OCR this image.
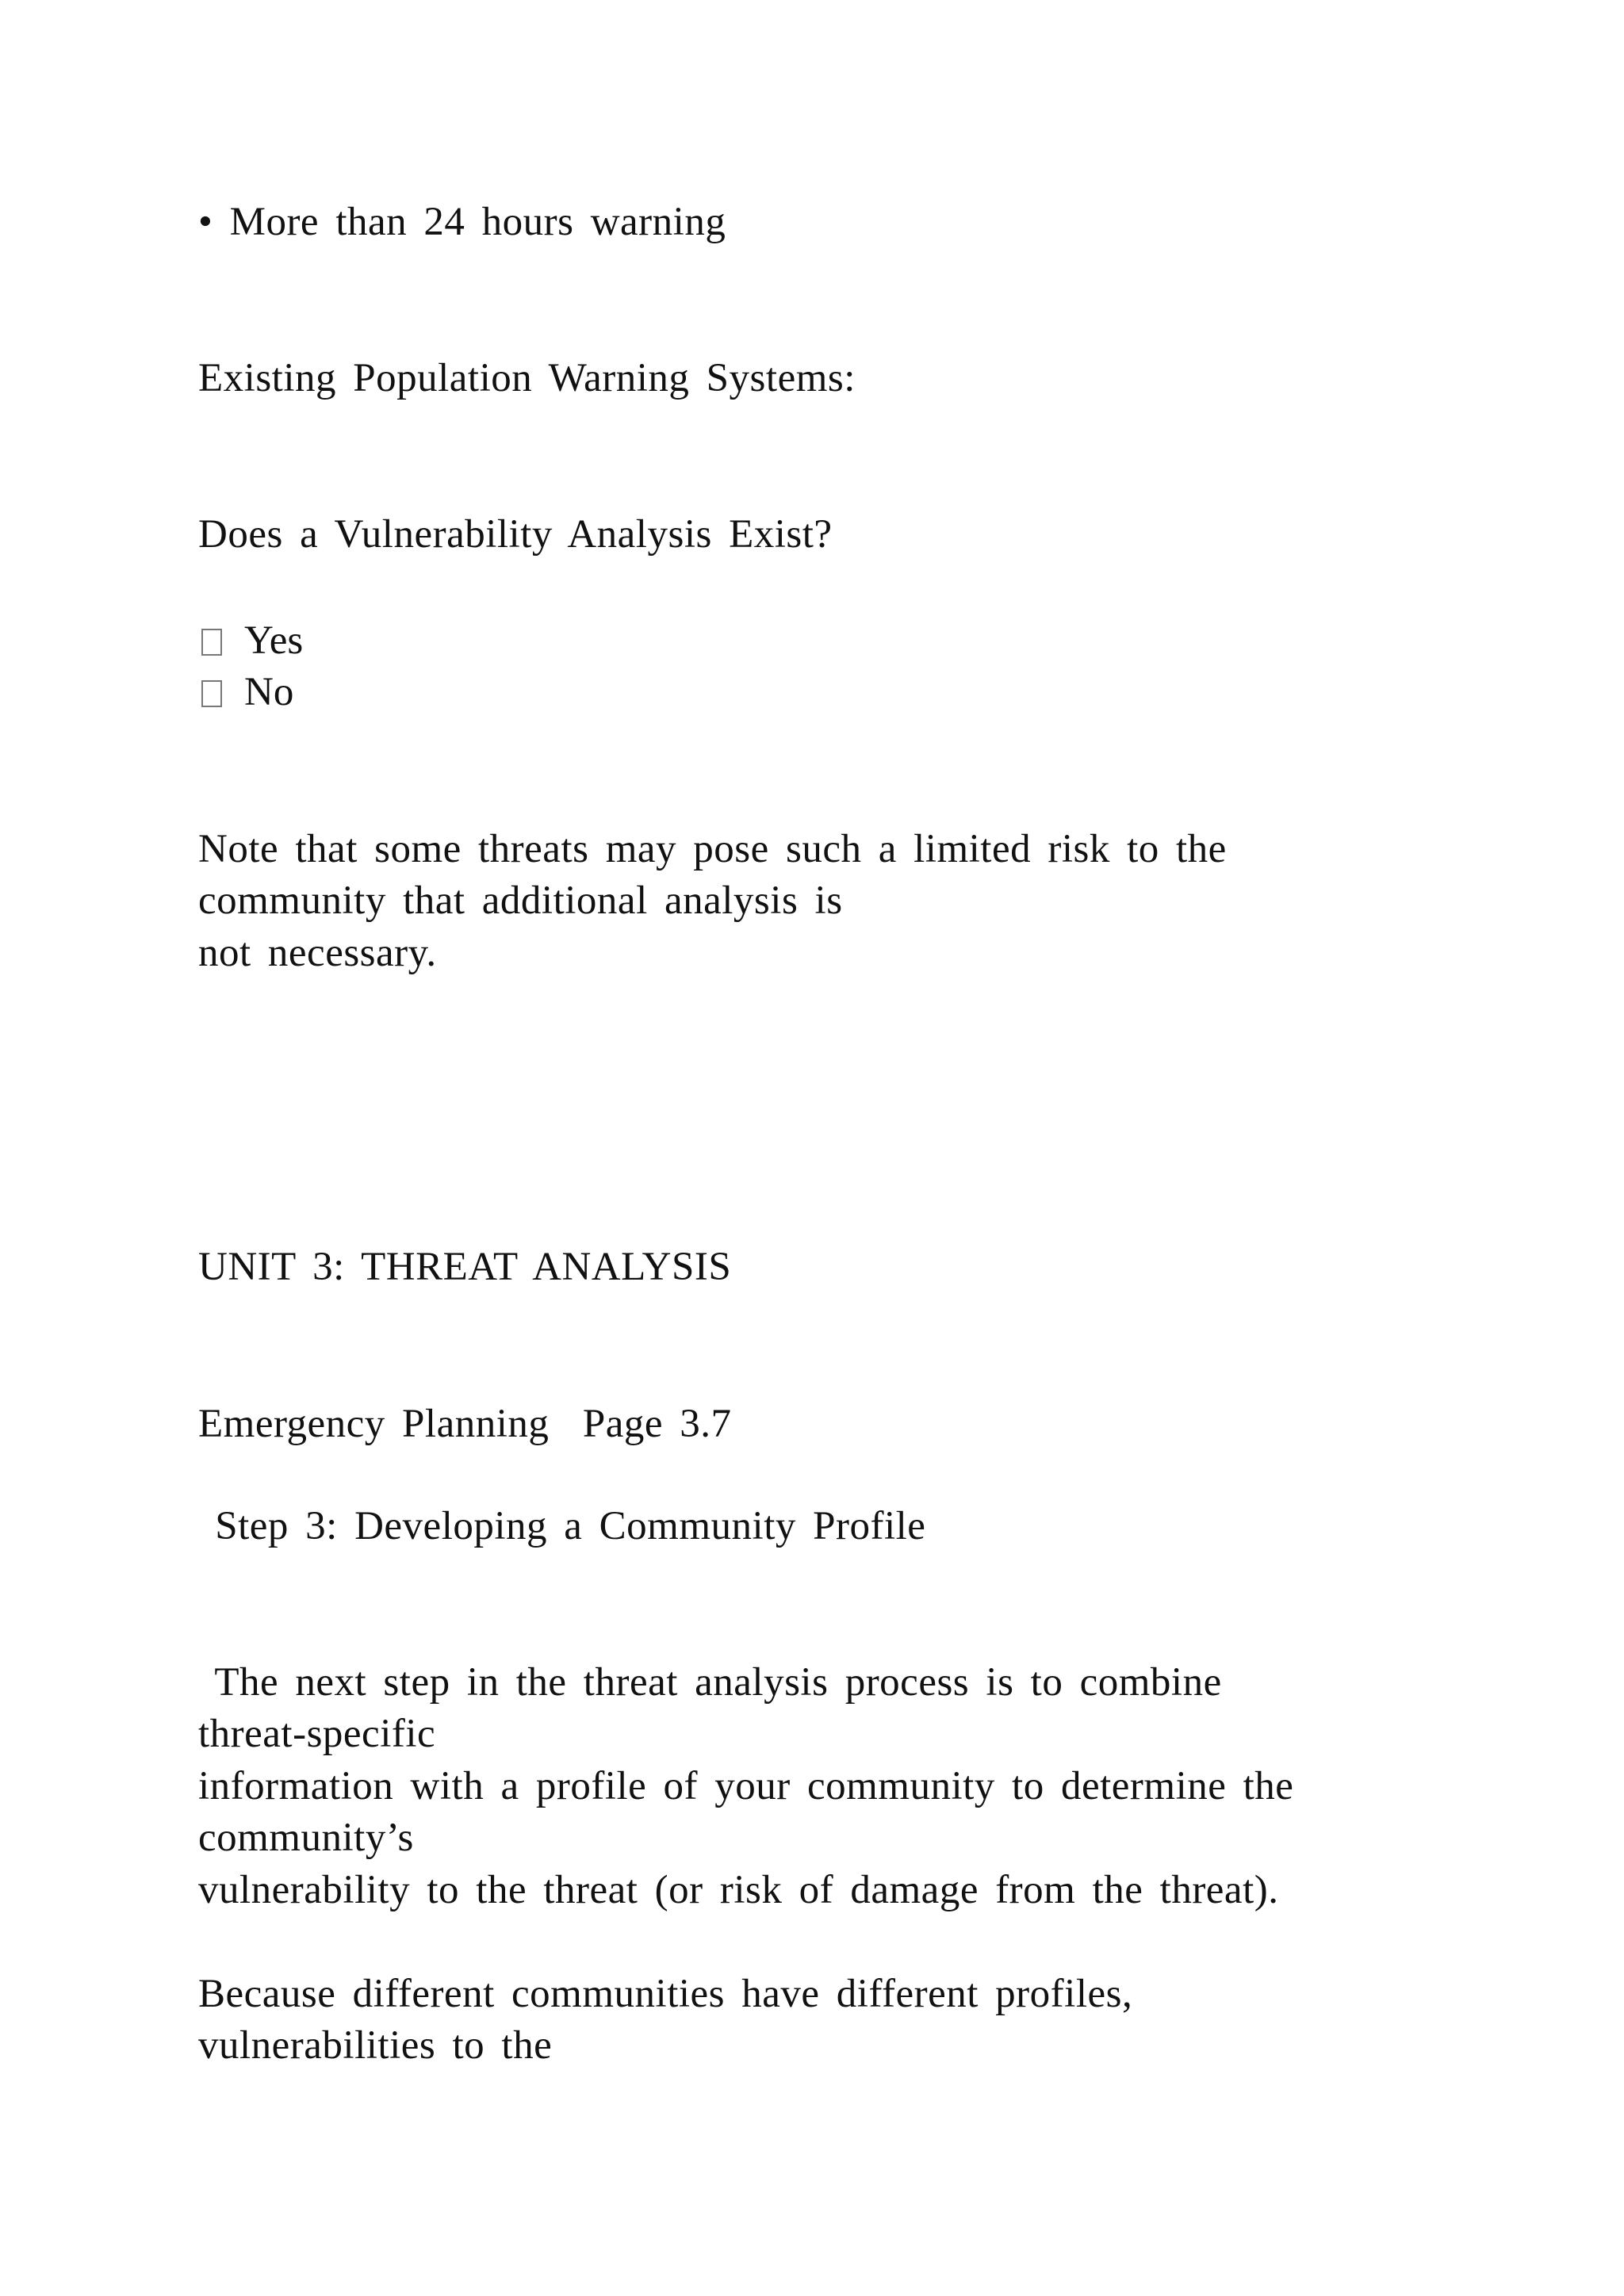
• More than 24 hours warning
Existing Population Warning Systems:
Does a Vulnerability Analysis Exist?
Yes
No
Note that some threats may pose such a limited risk to the
community that additional analysis is
not necessary.
UNIT 3: THREAT ANALYSIS
Emergency Planning  Page 3.7
Step 3: Developing a Community Profile
The next step in the threat analysis process is to combine
threat-specific
information with a profile of your community to determine the
community’s
vulnerability to the threat (or risk of damage from the threat).
Because different communities have different profiles,
vulnerabilities to the
